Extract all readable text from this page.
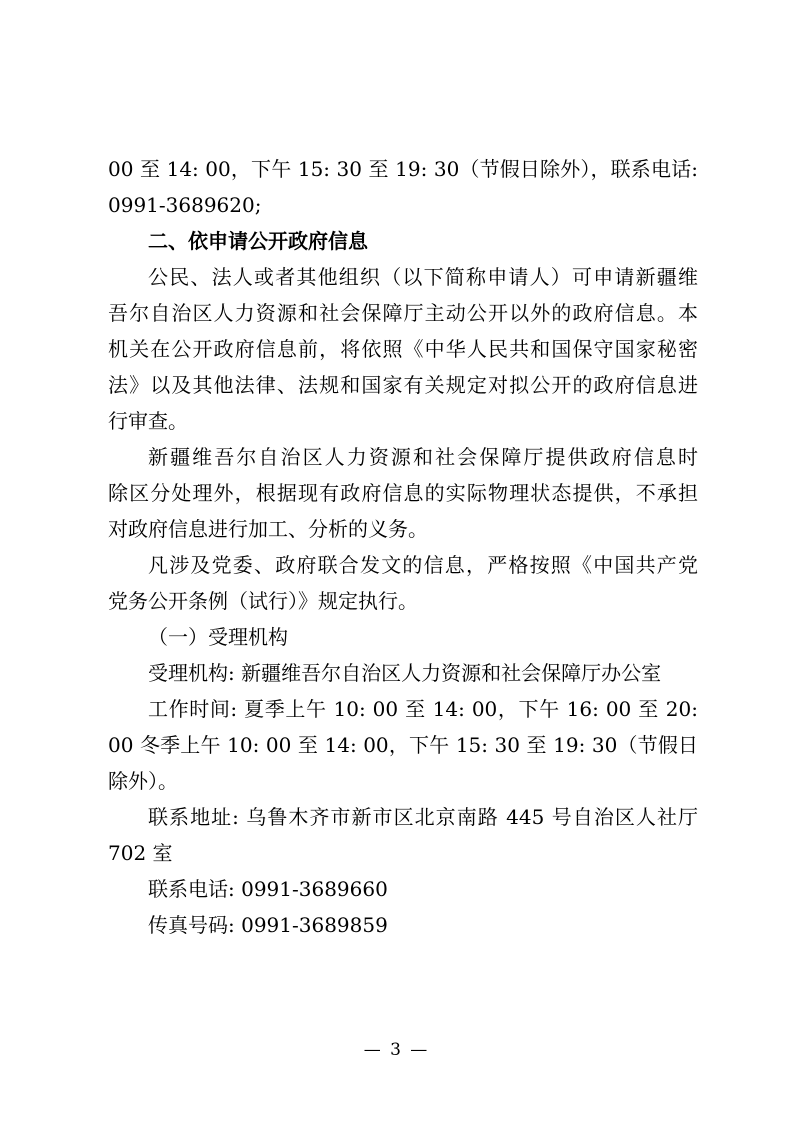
00 至 14: 00，下午 15: 30 至 19: 30（节假日除外），联系电话:
0991-3689620;
二、依申请公开政府信息
公民、法人或者其他组织（以下简称申请人）可申请新疆维
吾尔自治区人力资源和社会保障厅主动公开以外的政府信息。本
机关在公开政府信息前，将依照《中华人民共和国保守国家秘密
法》以及其他法律、法规和国家有关规定对拟公开的政府信息进
行审查。
新疆维吾尔自治区人力资源和社会保障厅提供政府信息时
除区分处理外，根据现有政府信息的实际物理状态提供，不承担
对政府信息进行加工、分析的义务。
凡涉及党委、政府联合发文的信息，严格按照《中国共产党
党务公开条例（试行）》规定执行。
（一）受理机构
受理机构: 新疆维吾尔自治区人力资源和社会保障厅办公室
工作时间: 夏季上午 10: 00 至 14: 00，下午 16: 00 至 20:
00 冬季上午 10: 00 至 14: 00，下午 15: 30 至 19: 30（节假日
除外）。
联系地址: 乌鲁木齐市新市区北京南路 445 号自治区人社厅
702 室
联系电话: 0991-3689660
传真号码: 0991-3689859
— 3 —
